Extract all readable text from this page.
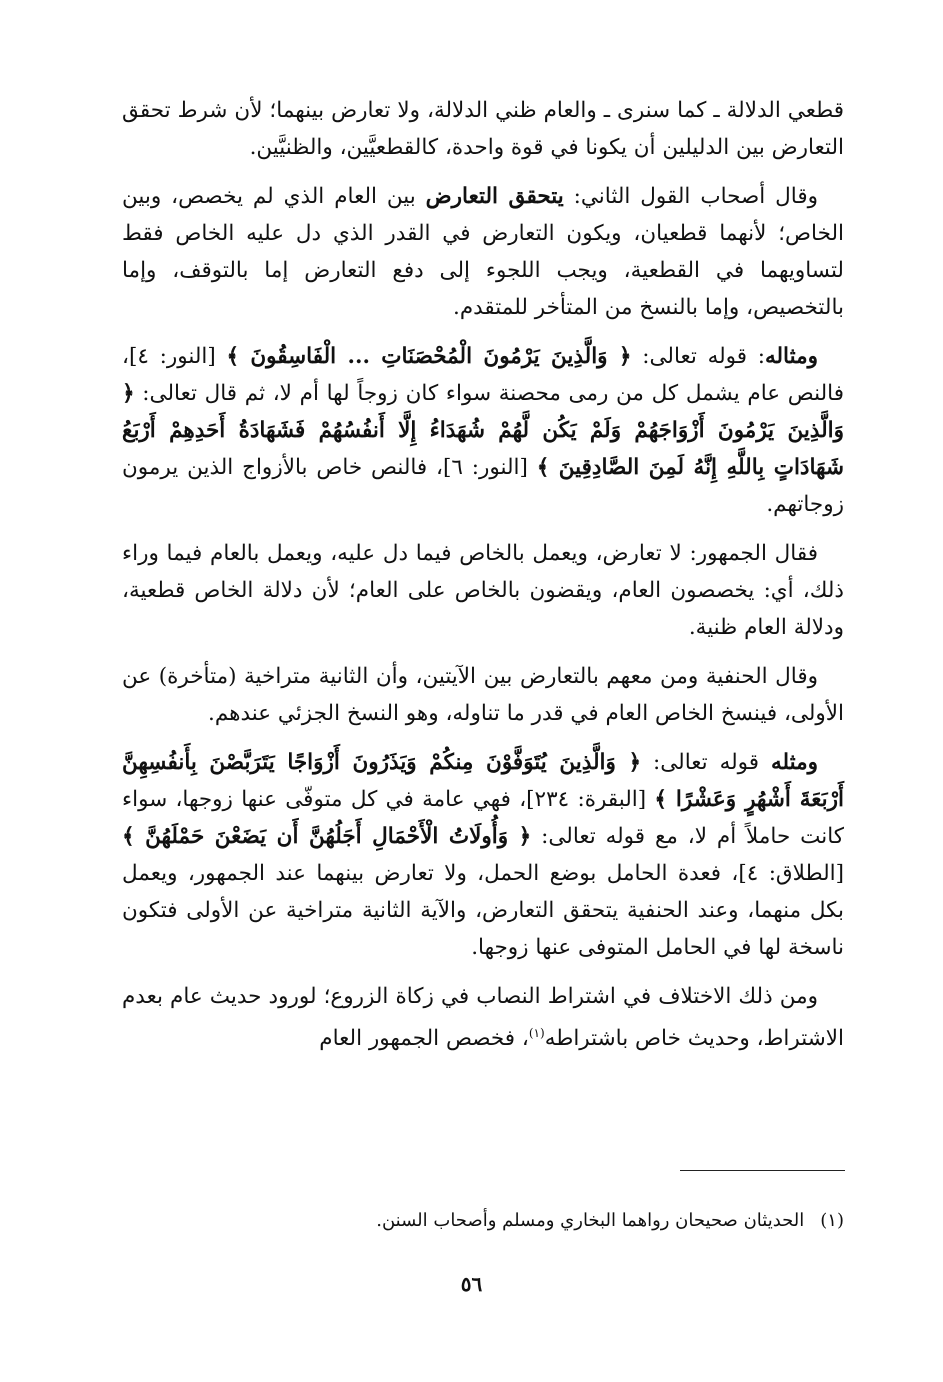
قطعي الدلالة ـ كما سنرى ـ والعام ظني الدلالة، ولا تعارض بينهما؛ لأن شرط تحقق التعارض بين الدليلين أن يكونا في قوة واحدة، كالقطعيَّين، والظنيَّين.

وقال أصحاب القول الثاني: يتحقق التعارض بين العام الذي لم يخصص، وبين الخاص؛ لأنهما قطعيان، ويكون التعارض في القدر الذي دل عليه الخاص فقط لتساويهما في القطعية، ويجب اللجوء إلى دفع التعارض إما بالتوقف، وإما بالتخصيص، وإما بالنسخ من المتأخر للمتقدم.

ومثاله: قوله تعالى: ﴿ وَالَّذِينَ يَرْمُونَ الْمُحْصَنَاتِ ... الْفَاسِقُونَ ﴾ [النور: ٤]، فالنص عام يشمل كل من رمى محصنة سواء كان زوجاً لها أم لا، ثم قال تعالى: ﴿ وَالَّذِينَ يَرْمُونَ أَزْوَاجَهُمْ وَلَمْ يَكُن لَّهُمْ شُهَدَاءُ إِلَّا أَنفُسُهُمْ فَشَهَادَةُ أَحَدِهِمْ أَرْبَعُ شَهَادَاتٍ بِاللَّهِ إِنَّهُ لَمِنَ الصَّادِقِينَ ﴾ [النور: ٦]، فالنص خاص بالأزواج الذين يرمون زوجاتهم.

فقال الجمهور: لا تعارض، ويعمل بالخاص فيما دل عليه، ويعمل بالعام فيما وراء ذلك، أي: يخصصون العام، ويقضون بالخاص على العام؛ لأن دلالة الخاص قطعية، ودلالة العام ظنية.

وقال الحنفية ومن معهم بالتعارض بين الآيتين، وأن الثانية متراخية (متأخرة) عن الأولى، فينسخ الخاص العام في قدر ما تناوله، وهو النسخ الجزئي عندهم.

ومثله قوله تعالى: ﴿ وَالَّذِينَ يُتَوَفَّوْنَ مِنكُمْ وَيَذَرُونَ أَزْوَاجًا يَتَرَبَّصْنَ بِأَنفُسِهِنَّ أَرْبَعَةَ أَشْهُرٍ وَعَشْرًا ﴾ [البقرة: ٢٣٤]، فهي عامة في كل متوفّى عنها زوجها، سواء كانت حاملاً أم لا، مع قوله تعالى: ﴿ وَأُولَاتُ الْأَحْمَالِ أَجَلُهُنَّ أَن يَضَعْنَ حَمْلَهُنَّ ﴾ [الطلاق: ٤]، فعدة الحامل بوضع الحمل، ولا تعارض بينهما عند الجمهور، ويعمل بكل منهما، وعند الحنفية يتحقق التعارض، والآية الثانية متراخية عن الأولى فتكون ناسخة لها في الحامل المتوفى عنها زوجها.

ومن ذلك الاختلاف في اشتراط النصاب في زكاة الزروع؛ لورود حديث عام بعدم الاشتراط، وحديث خاص باشتراطه$^{(١)}$، فخصص الجمهور العام

(١)الحديثان صحيحان رواهما البخاري ومسلم وأصحاب السنن.
٥٦
